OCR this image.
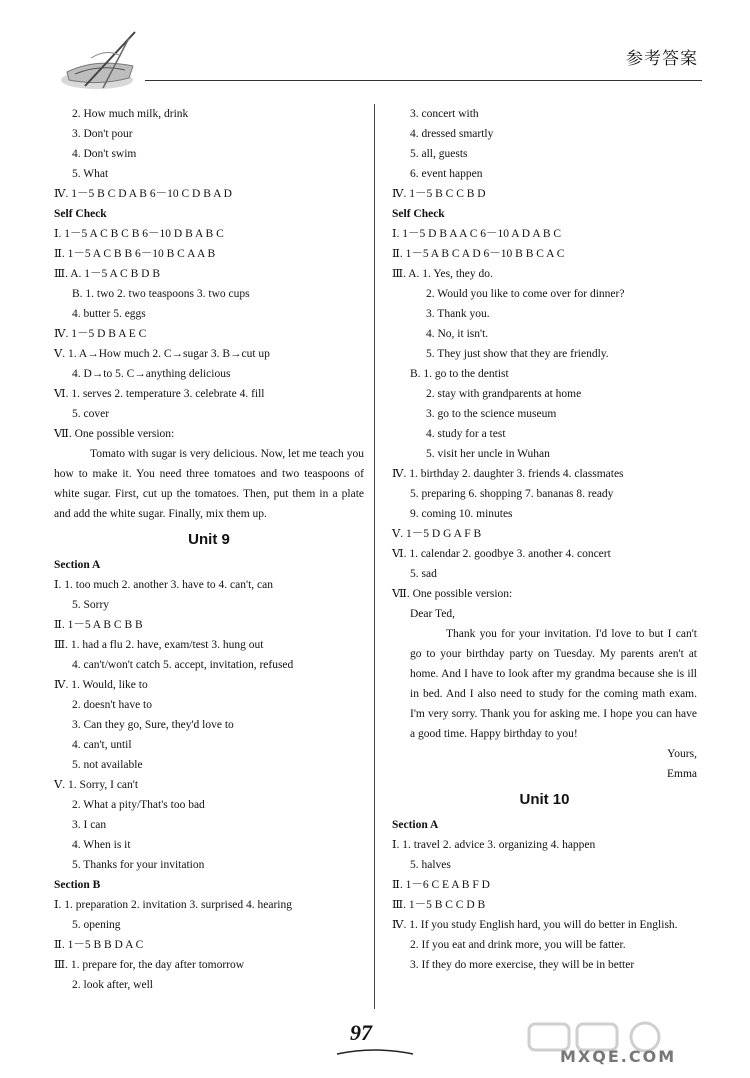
参考答案
2. How much milk, drink
3. Don't pour
4. Don't swim
5. What
Ⅳ. 1－5 B C D A B 6－10 C D B A D
Self Check
Ⅰ. 1－5 A C B C B 6－10 D B A B C
Ⅱ. 1－5 A C B B 6－10 B C A A B
Ⅲ. A. 1－5 A C B D B
B. 1. two 2. two teaspoons 3. two cups
4. butter 5. eggs
Ⅳ. 1－5 D B A E C
Ⅴ. 1. A→How much 2. C→sugar 3. B→cut up
4. D→to 5. C→anything delicious
Ⅵ. 1. serves 2. temperature 3. celebrate 4. fill
5. cover
Ⅶ. One possible version:
Tomato with sugar is very delicious. Now, let me teach you how to make it. You need three tomatoes and two teaspoons of white sugar. First, cut up the tomatoes. Then, put them in a plate and add the white sugar. Finally, mix them up.
Unit 9
Section A
Ⅰ. 1. too much 2. another 3. have to 4. can't, can
5. Sorry
Ⅱ. 1－5 A B C B B
Ⅲ. 1. had a flu 2. have, exam/test 3. hung out
4. can't/won't catch 5. accept, invitation, refused
Ⅳ. 1. Would, like to
2. doesn't have to
3. Can they go, Sure, they'd love to
4. can't, until
5. not available
Ⅴ. 1. Sorry, I can't
2. What a pity/That's too bad
3. I can
4. When is it
5. Thanks for your invitation
Section B
Ⅰ. 1. preparation 2. invitation 3. surprised 4. hearing
5. opening
Ⅱ. 1－5 B B D A C
Ⅲ. 1. prepare for, the day after tomorrow
2. look after, well
3. concert with
4. dressed smartly
5. all, guests
6. event happen
Ⅳ. 1－5 B C C B D
Self Check
Ⅰ. 1－5 D B A A C 6－10 A D A B C
Ⅱ. 1－5 A B C A D 6－10 B B C A C
Ⅲ. A. 1. Yes, they do.
2. Would you like to come over for dinner?
3. Thank you.
4. No, it isn't.
5. They just show that they are friendly.
B. 1. go to the dentist
2. stay with grandparents at home
3. go to the science museum
4. study for a test
5. visit her uncle in Wuhan
Ⅳ. 1. birthday 2. daughter 3. friends 4. classmates
5. preparing 6. shopping 7. bananas 8. ready
9. coming 10. minutes
Ⅴ. 1－5 D G A F B
Ⅵ. 1. calendar 2. goodbye 3. another 4. concert
5. sad
Ⅶ. One possible version:
Dear Ted,
Thank you for your invitation. I'd love to but I can't go to your birthday party on Tuesday. My parents aren't at home. And I have to look after my grandma because she is ill in bed. And I also need to study for the coming math exam. I'm very sorry. Thank you for asking me. I hope you can have a good time. Happy birthday to you!
Yours,
Emma
Unit 10
Section A
Ⅰ. 1. travel 2. advice 3. organizing 4. happen
5. halves
Ⅱ. 1－6 C E A B F D
Ⅲ. 1－5 B C C D B
Ⅳ. 1. If you study English hard, you will do better in English.
2. If you eat and drink more, you will be fatter.
3. If they do more exercise, they will be in better
97
MXQE.COM
